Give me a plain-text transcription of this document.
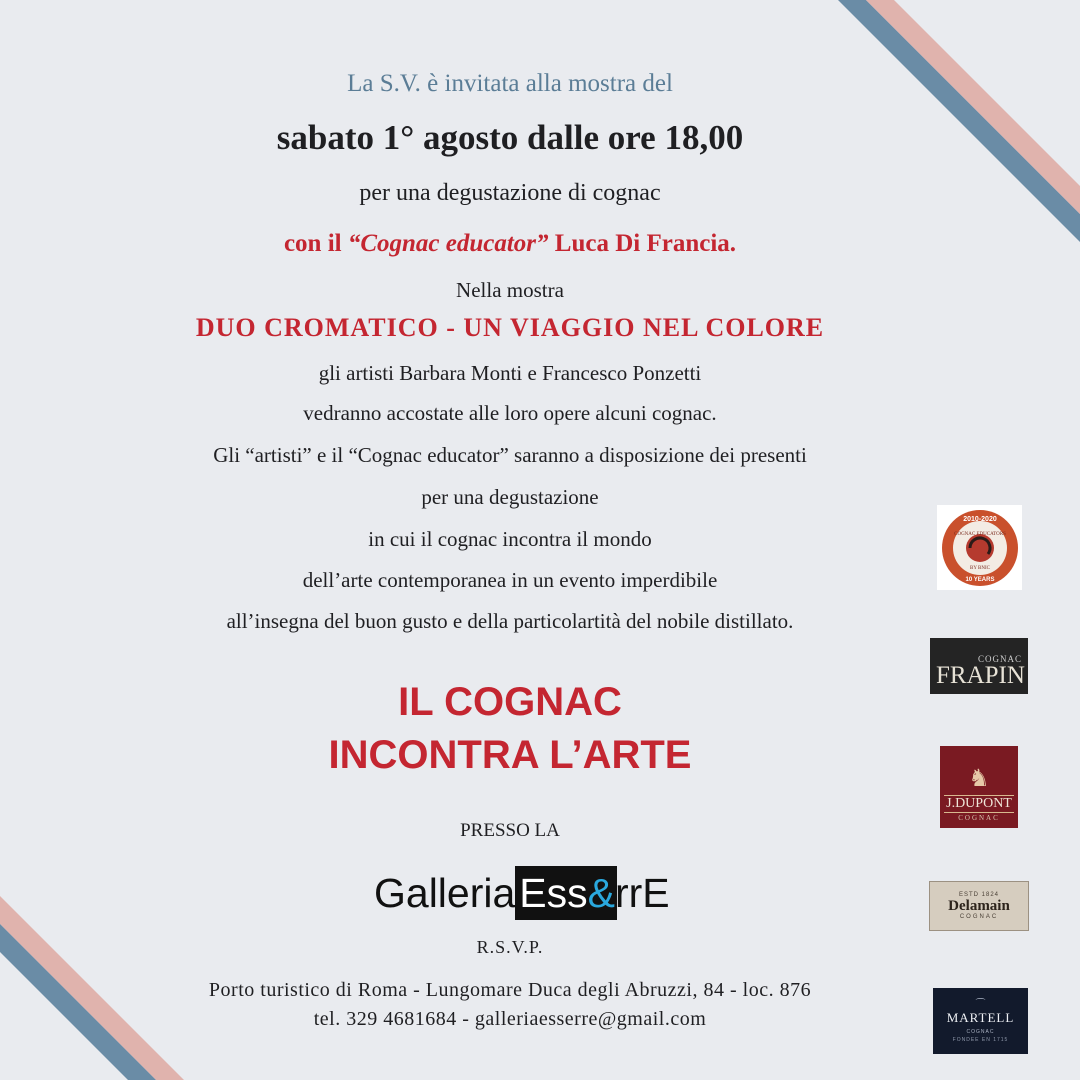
La S.V. è invitata alla mostra del
sabato 1° agosto dalle ore 18,00
per una degustazione di cognac
con il “Cognac educator” Luca Di Francia.
Nella mostra
DUO CROMATICO - UN VIAGGIO NEL COLORE
gli artisti Barbara Monti e Francesco Ponzetti
vedranno accostate alle loro opere alcuni cognac.
Gli “artisti” e il “Cognac educator” saranno a disposizione dei presenti
per una degustazione
in cui il cognac incontra il mondo
dell’arte contemporanea in un evento imperdibile
all’insegna del buon gusto e della particolartità del nobile distillato.
IL COGNAC
INCONTRA L’ARTE
PRESSO LA
R.S.V.P.
Porto turistico di Roma - Lungomare Duca degli Abruzzi, 84 - loc. 876
tel. 329 4681684 - galleriaesserre@gmail.com
Galleria Ess & rrE
2010-2020
COGNAC EDUCATORS
BY BNIC
10 YEARS
COGNAC
FRAPIN
♞
J.DUPONT
COGNAC
ESTD 1824
Delamain
COGNAC
⌒
MARTELL
COGNAC
FONDEE EN 1715
